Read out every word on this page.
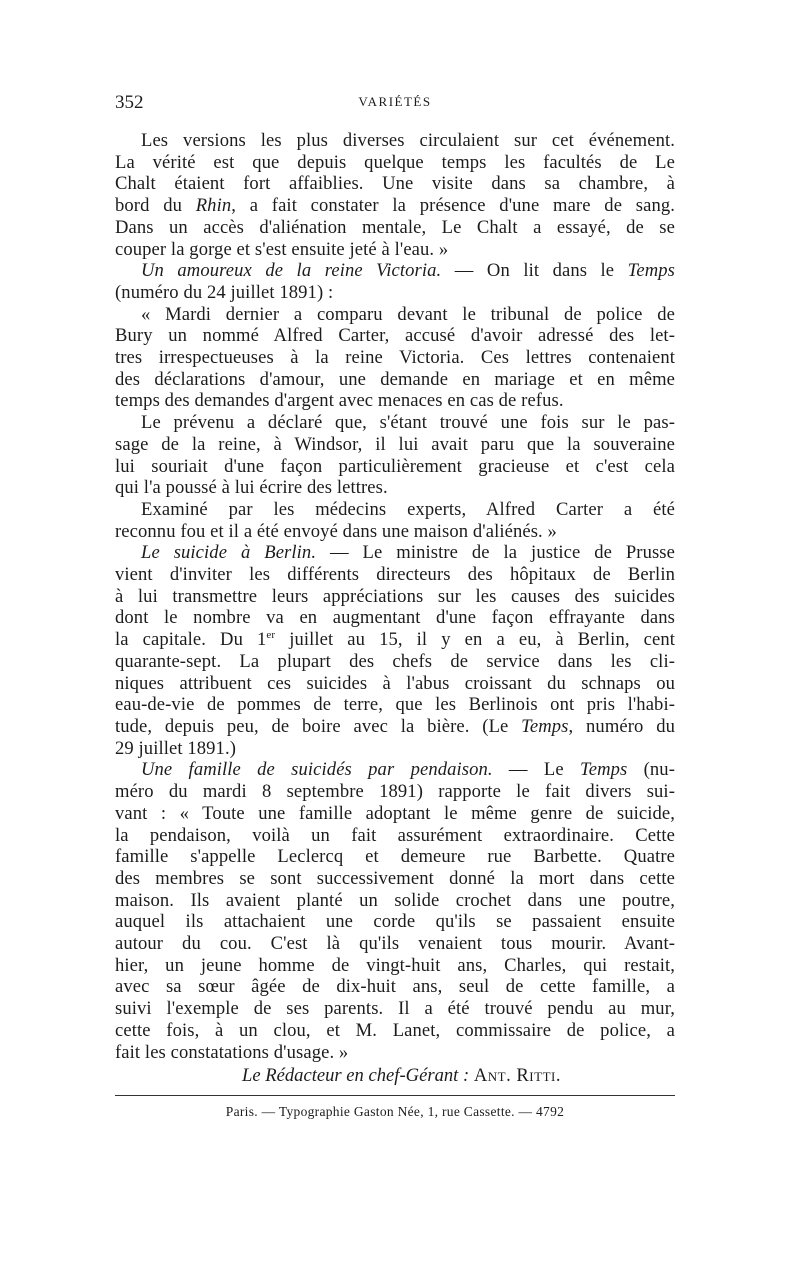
352	VARIÉTÉS
Les versions les plus diverses circulaient sur cet événement.
La vérité est que depuis quelque temps les facultés de Le
Chalt étaient fort affaiblies. Une visite dans sa chambre, à
bord du Rhin, a fait constater la présence d'une mare de sang.
Dans un accès d'aliénation mentale, Le Chalt a essayé, de se
couper la gorge et s'est ensuite jeté à l'eau. »
Un amoureux de la reine Victoria. — On lit dans le Temps
(numéro du 24 juillet 1891) :
« Mardi dernier a comparu devant le tribunal de police de
Bury un nommé Alfred Carter, accusé d'avoir adressé des let-
tres irrespectueuses à la reine Victoria. Ces lettres contenaient
des déclarations d'amour, une demande en mariage et en même
temps des demandes d'argent avec menaces en cas de refus.
Le prévenu a déclaré que, s'étant trouvé une fois sur le pas-
sage de la reine, à Windsor, il lui avait paru que la souveraine
lui souriait d'une façon particulièrement gracieuse et c'est cela
qui l'a poussé à lui écrire des lettres.
Examiné par les médecins experts, Alfred Carter a été
reconnu fou et il a été envoyé dans une maison d'aliénés. »
Le suicide à Berlin. — Le ministre de la justice de Prusse
vient d'inviter les différents directeurs des hôpitaux de Berlin
à lui transmettre leurs appréciations sur les causes des suicides
dont le nombre va en augmentant d'une façon effrayante dans
la capitale. Du 1er juillet au 15, il y en a eu, à Berlin, cent
quarante-sept. La plupart des chefs de service dans les cli-
niques attribuent ces suicides à l'abus croissant du schnaps ou
eau-de-vie de pommes de terre, que les Berlinois ont pris l'habi-
tude, depuis peu, de boire avec la bière. (Le Temps, numéro du
29 juillet 1891.)
Une famille de suicidés par pendaison. — Le Temps (nu-
méro du mardi 8 septembre 1891) rapporte le fait divers sui-
vant : « Toute une famille adoptant le même genre de suicide,
la pendaison, voilà un fait assurément extraordinaire. Cette
famille s'appelle Leclercq et demeure rue Barbette. Quatre
des membres se sont successivement donné la mort dans cette
maison. Ils avaient planté un solide crochet dans une poutre,
auquel ils attachaient une corde qu'ils se passaient ensuite
autour du cou. C'est là qu'ils venaient tous mourir. Avant-
hier, un jeune homme de vingt-huit ans, Charles, qui restait,
avec sa sœur âgée de dix-huit ans, seul de cette famille, a
suivi l'exemple de ses parents. Il a été trouvé pendu au mur,
cette fois, à un clou, et M. Lanet, commissaire de police, a
fait les constatations d'usage. »
Le Rédacteur en chef-Gérant : Ant. Ritti.
Paris. — Typographie Gaston Née, 1, rue Cassette. — 4792
